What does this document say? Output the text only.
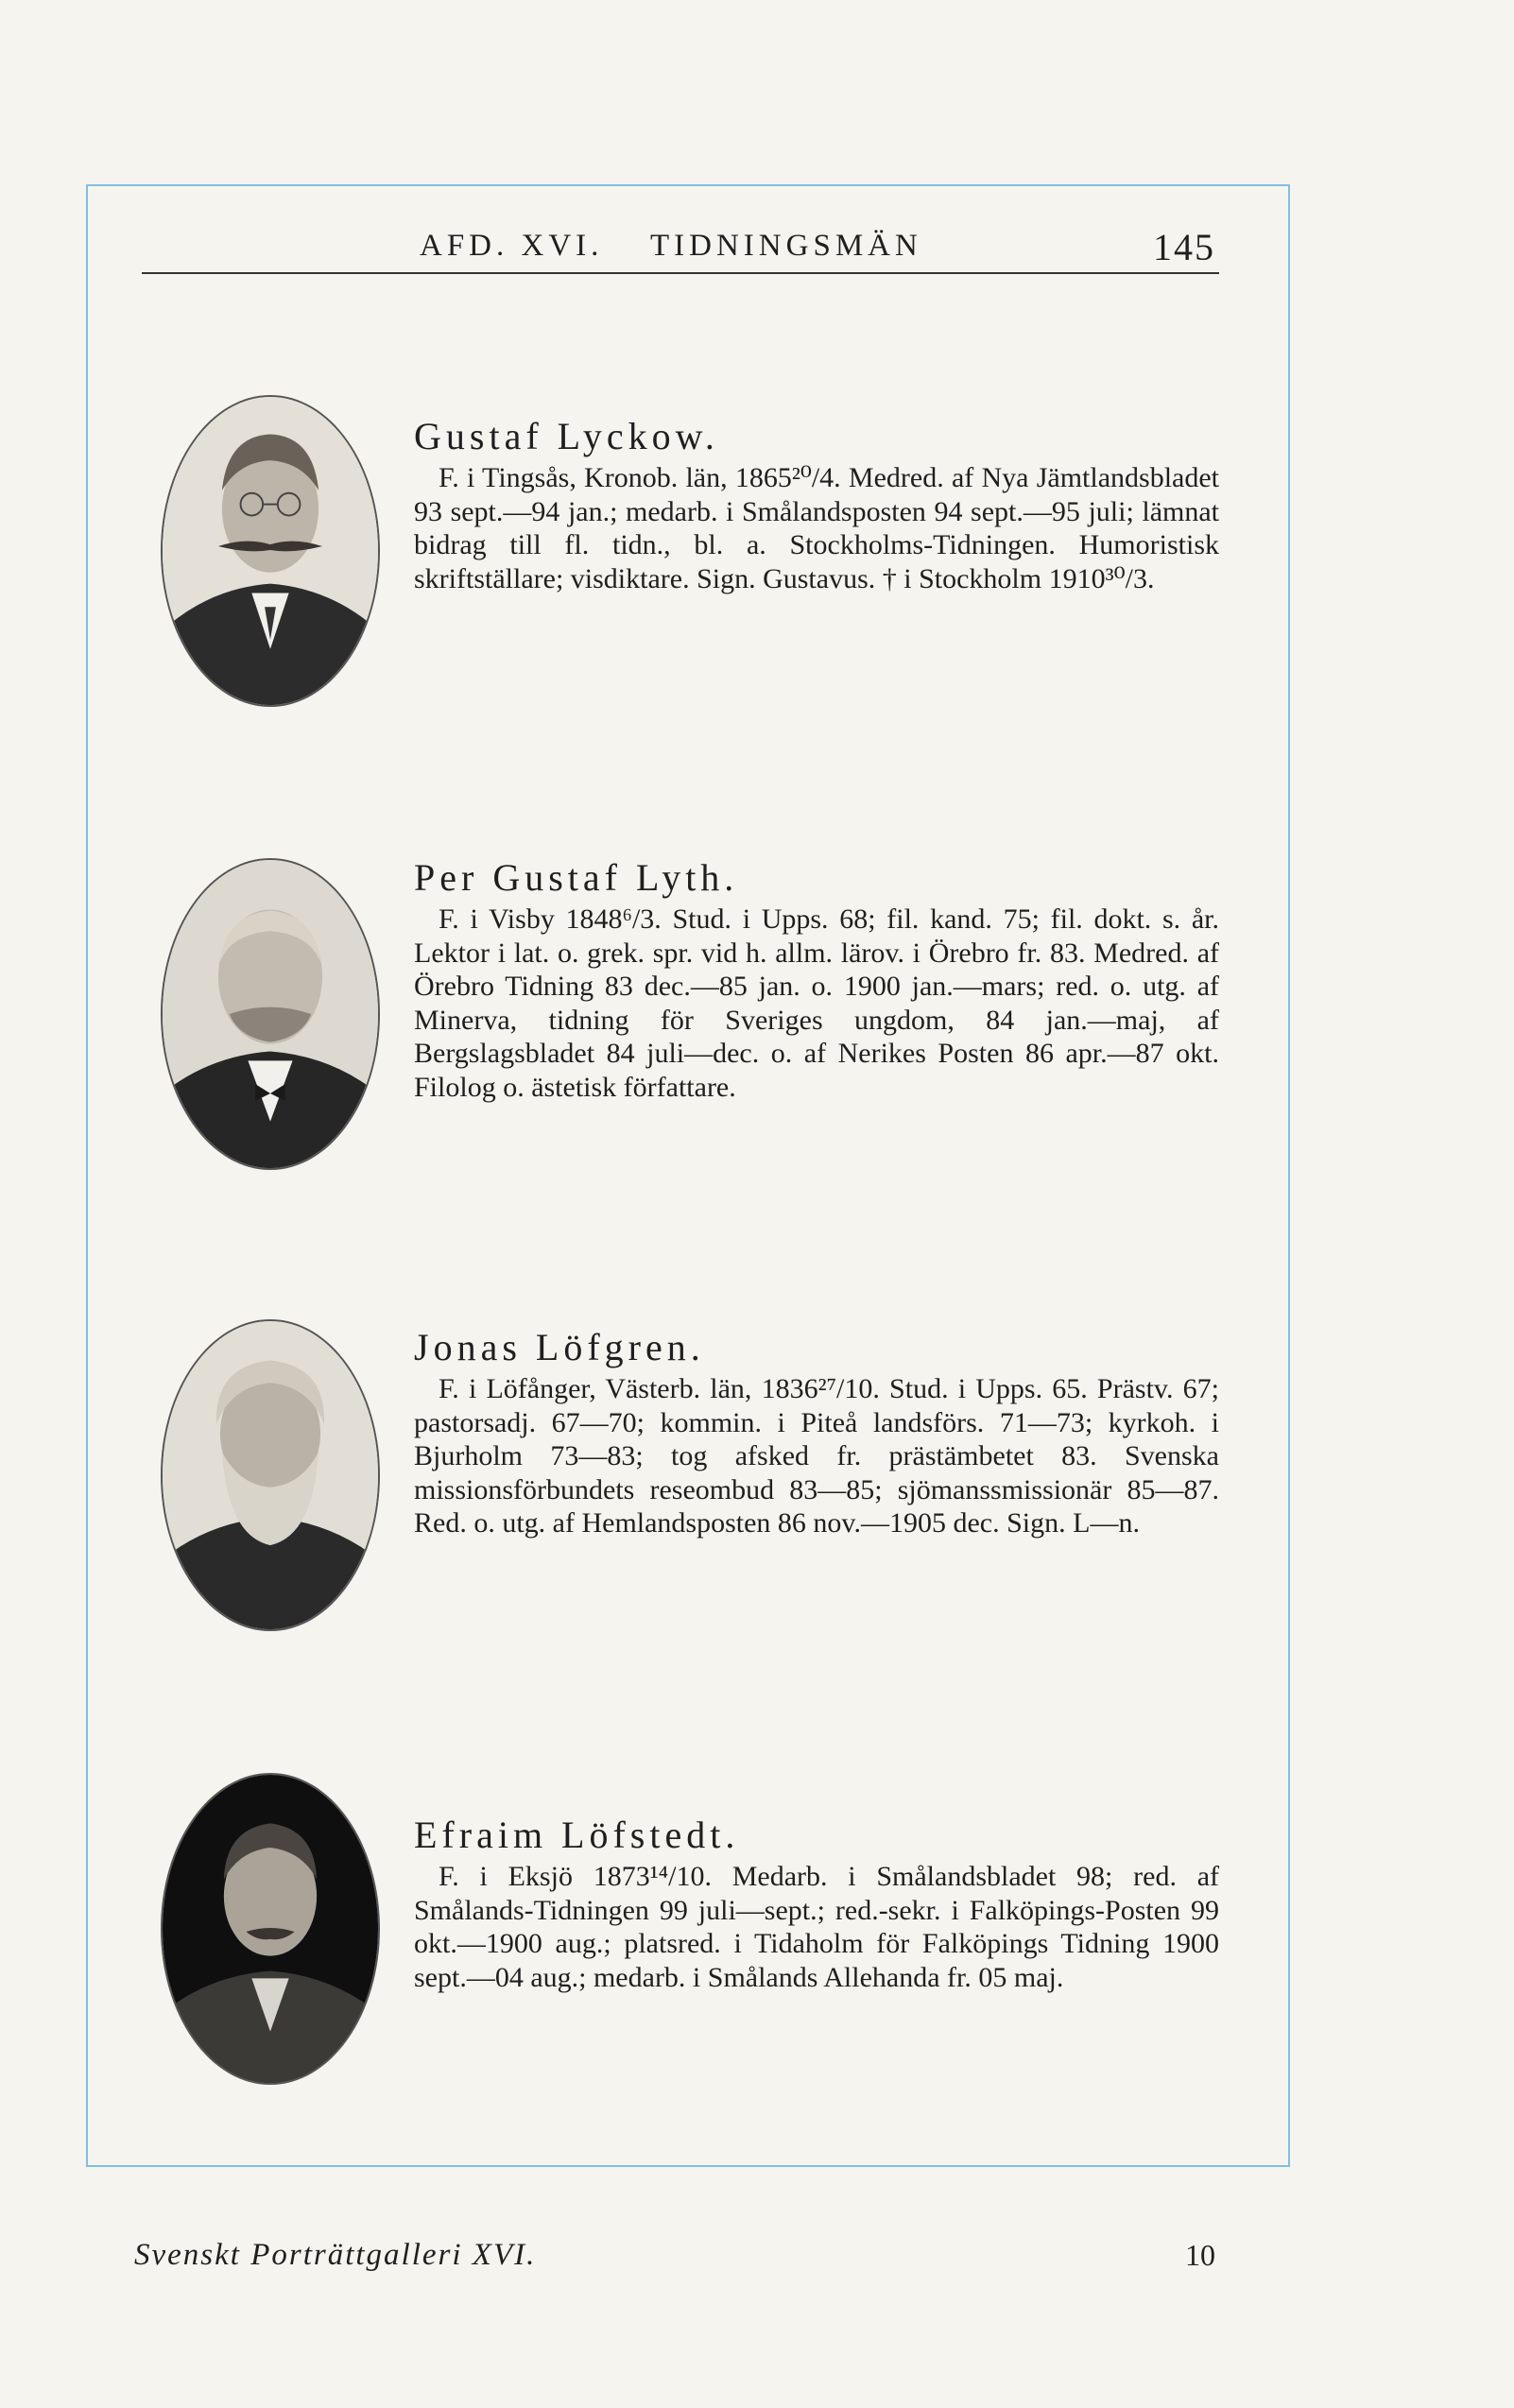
AFD. XVI. TIDNINGSMÄN	145
Gustaf Lyckow.

F. i Tingsås, Kronob. län, 1865²⁰/4. Medred. af Nya Jämtlandsbladet 93 sept.—94 jan.; medarb. i Smålandsposten 94 sept.—95 juli; lämnat bidrag till fl. tidn., bl. a. Stockholms-Tidningen. Humoristisk skriftställare; visdiktare. Sign. Gustavus. † i Stockholm 1910³⁰/3.

Per Gustaf Lyth.

F. i Visby 1848⁶/3. Stud. i Upps. 68; fil. kand. 75; fil. dokt. s. år. Lektor i lat. o. grek. spr. vid h. allm. lärov. i Örebro fr. 83. Medred. af Örebro Tidning 83 dec.—85 jan. o. 1900 jan.—mars; red. o. utg. af Minerva, tidning för Sveriges ungdom, 84 jan.—maj, af Bergslagsbladet 84 juli—dec. o. af Nerikes Posten 86 apr.—87 okt. Filolog o. ästetisk författare.

Jonas Löfgren.

F. i Löfånger, Västerb. län, 1836²⁷/10. Stud. i Upps. 65. Prästv. 67; pastorsadj. 67—70; kommin. i Piteå landsförs. 71—73; kyrkoh. i Bjurholm 73—83; tog afsked fr. prästämbetet 83. Svenska missionsförbundets reseombud 83—85; sjömanssmissionär 85—87. Red. o. utg. af Hemlandsposten 86 nov.—1905 dec. Sign. L—n.

Efraim Löfstedt.

F. i Eksjö 1873¹⁴/10. Medarb. i Smålandsbladet 98; red. af Smålands-Tidningen 99 juli—sept.; red.-sekr. i Falköpings-Posten 99 okt.—1900 aug.; platsred. i Tidaholm för Falköpings Tidning 1900 sept.—04 aug.; medarb. i Smålands Allehanda fr. 05 maj.

Svenskt Porträttgalleri XVI.	10
